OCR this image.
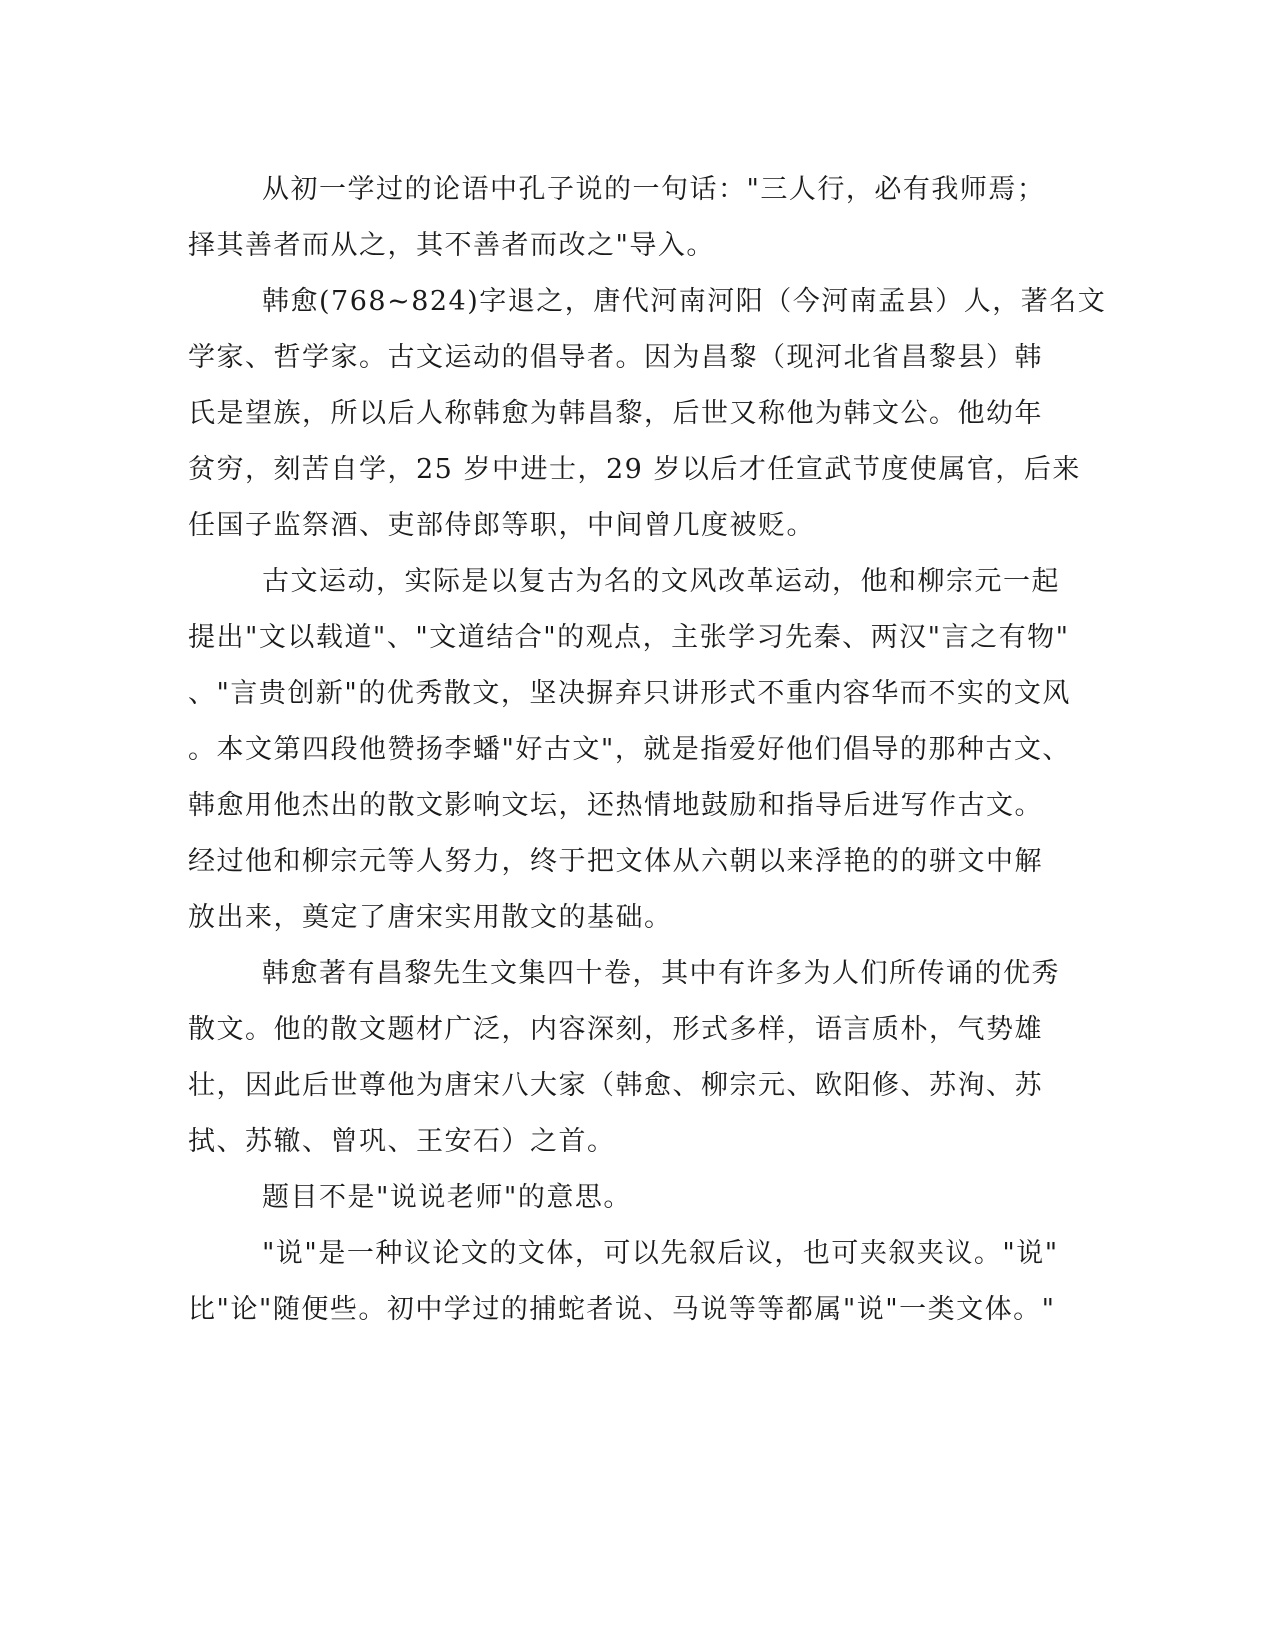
从初一学过的论语中孔子说的一句话："三人行，必有我师焉；
择其善者而从之，其不善者而改之"导入。
韩愈(768~824)字退之，唐代河南河阳（今河南孟县）人，著名文
学家、哲学家。古文运动的倡导者。因为昌黎（现河北省昌黎县）韩
氏是望族，所以后人称韩愈为韩昌黎，后世又称他为韩文公。他幼年
贫穷，刻苦自学，25 岁中进士，29 岁以后才任宣武节度使属官，后来
任国子监祭酒、吏部侍郎等职，中间曾几度被贬。
古文运动，实际是以复古为名的文风改革运动，他和柳宗元一起
提出"文以载道"、"文道结合"的观点，主张学习先秦、两汉"言之有物"
、"言贵创新"的优秀散文，坚决摒弃只讲形式不重内容华而不实的文风
。本文第四段他赞扬李蟠"好古文"，就是指爱好他们倡导的那种古文、
韩愈用他杰出的散文影响文坛，还热情地鼓励和指导后进写作古文。
经过他和柳宗元等人努力，终于把文体从六朝以来浮艳的的骈文中解
放出来，奠定了唐宋实用散文的基础。
韩愈著有昌黎先生文集四十卷，其中有许多为人们所传诵的优秀
散文。他的散文题材广泛，内容深刻，形式多样，语言质朴，气势雄
壮，因此后世尊他为唐宋八大家（韩愈、柳宗元、欧阳修、苏洵、苏
拭、苏辙、曾巩、王安石）之首。
题目不是"说说老师"的意思。
"说"是一种议论文的文体，可以先叙后议，也可夹叙夹议。"说"
比"论"随便些。初中学过的捕蛇者说、马说等等都属"说"一类文体。"
